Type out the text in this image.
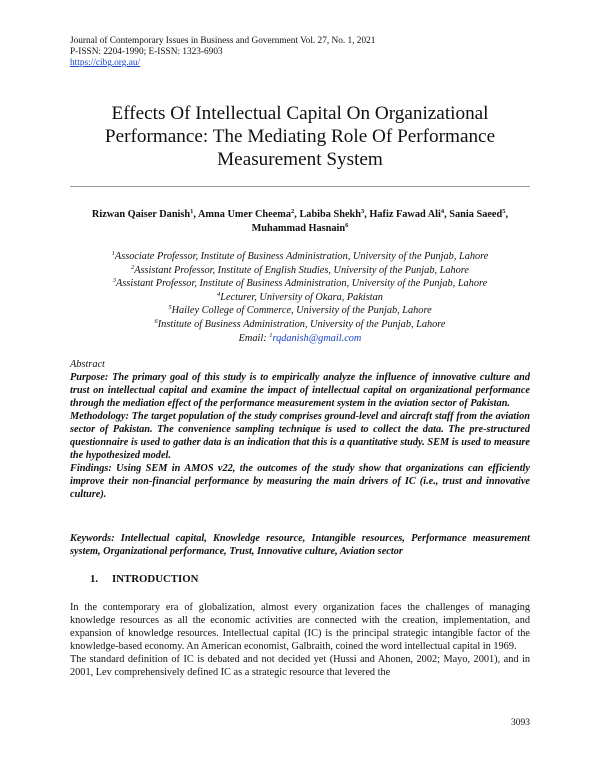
Journal of Contemporary Issues in Business and Government Vol. 27, No. 1, 2021
P-ISSN: 2204-1990; E-ISSN: 1323-6903
https://cibg.org.au/
Effects Of Intellectual Capital On Organizational Performance: The Mediating Role Of Performance Measurement System
Rizwan Qaiser Danish$^1$, Amna Umer Cheema$^2$, Labiba Shekh$^3$, Hafiz Fawad Ali$^4$, Sania Saeed$^5$, Muhammad Hasnain$^6$
$^1$Associate Professor, Institute of Business Administration, University of the Punjab, Lahore
$^2$Assistant Professor, Institute of English Studies, University of the Punjab, Lahore
$^3$Assistant Professor, Institute of Business Administration, University of the Punjab, Lahore
$^4$Lecturer, University of Okara, Pakistan
$^5$Hailey College of Commerce, University of the Punjab, Lahore
$^6$Institute of Business Administration, University of the Punjab, Lahore
Email: $^1$rqdanish@gmail.com
Abstract

Purpose: The primary goal of this study is to empirically analyze the influence of innovative culture and trust on intellectual capital and examine the impact of intellectual capital on organizational performance through the mediation effect of the performance measurement system in the aviation sector of Pakistan.

Methodology: The target population of the study comprises ground-level and aircraft staff from the aviation sector of Pakistan. The convenience sampling technique is used to collect the data. The pre-structured questionnaire is used to gather data is an indication that this is a quantitative study. SEM is used to measure the hypothesized model.

Findings: Using SEM in AMOS v22, the outcomes of the study show that organizations can efficiently improve their non-financial performance by measuring the main drivers of IC (i.e., trust and innovative culture).

Keywords: Intellectual capital, Knowledge resource, Intangible resources, Performance measurement system, Organizational performance, Trust, Innovative culture, Aviation sector
1. INTRODUCTION

In the contemporary era of globalization, almost every organization faces the challenges of managing knowledge resources as all the economic activities are connected with the creation, implementation, and expansion of knowledge resources. Intellectual capital (IC) is the principal strategic intangible factor of the knowledge-based economy. An American economist, Galbraith, coined the word intellectual capital in 1969.

The standard definition of IC is debated and not decided yet (Hussi and Ahonen, 2002; Mayo, 2001), and in 2001, Lev comprehensively defined IC as a strategic resource that levered the

3093
